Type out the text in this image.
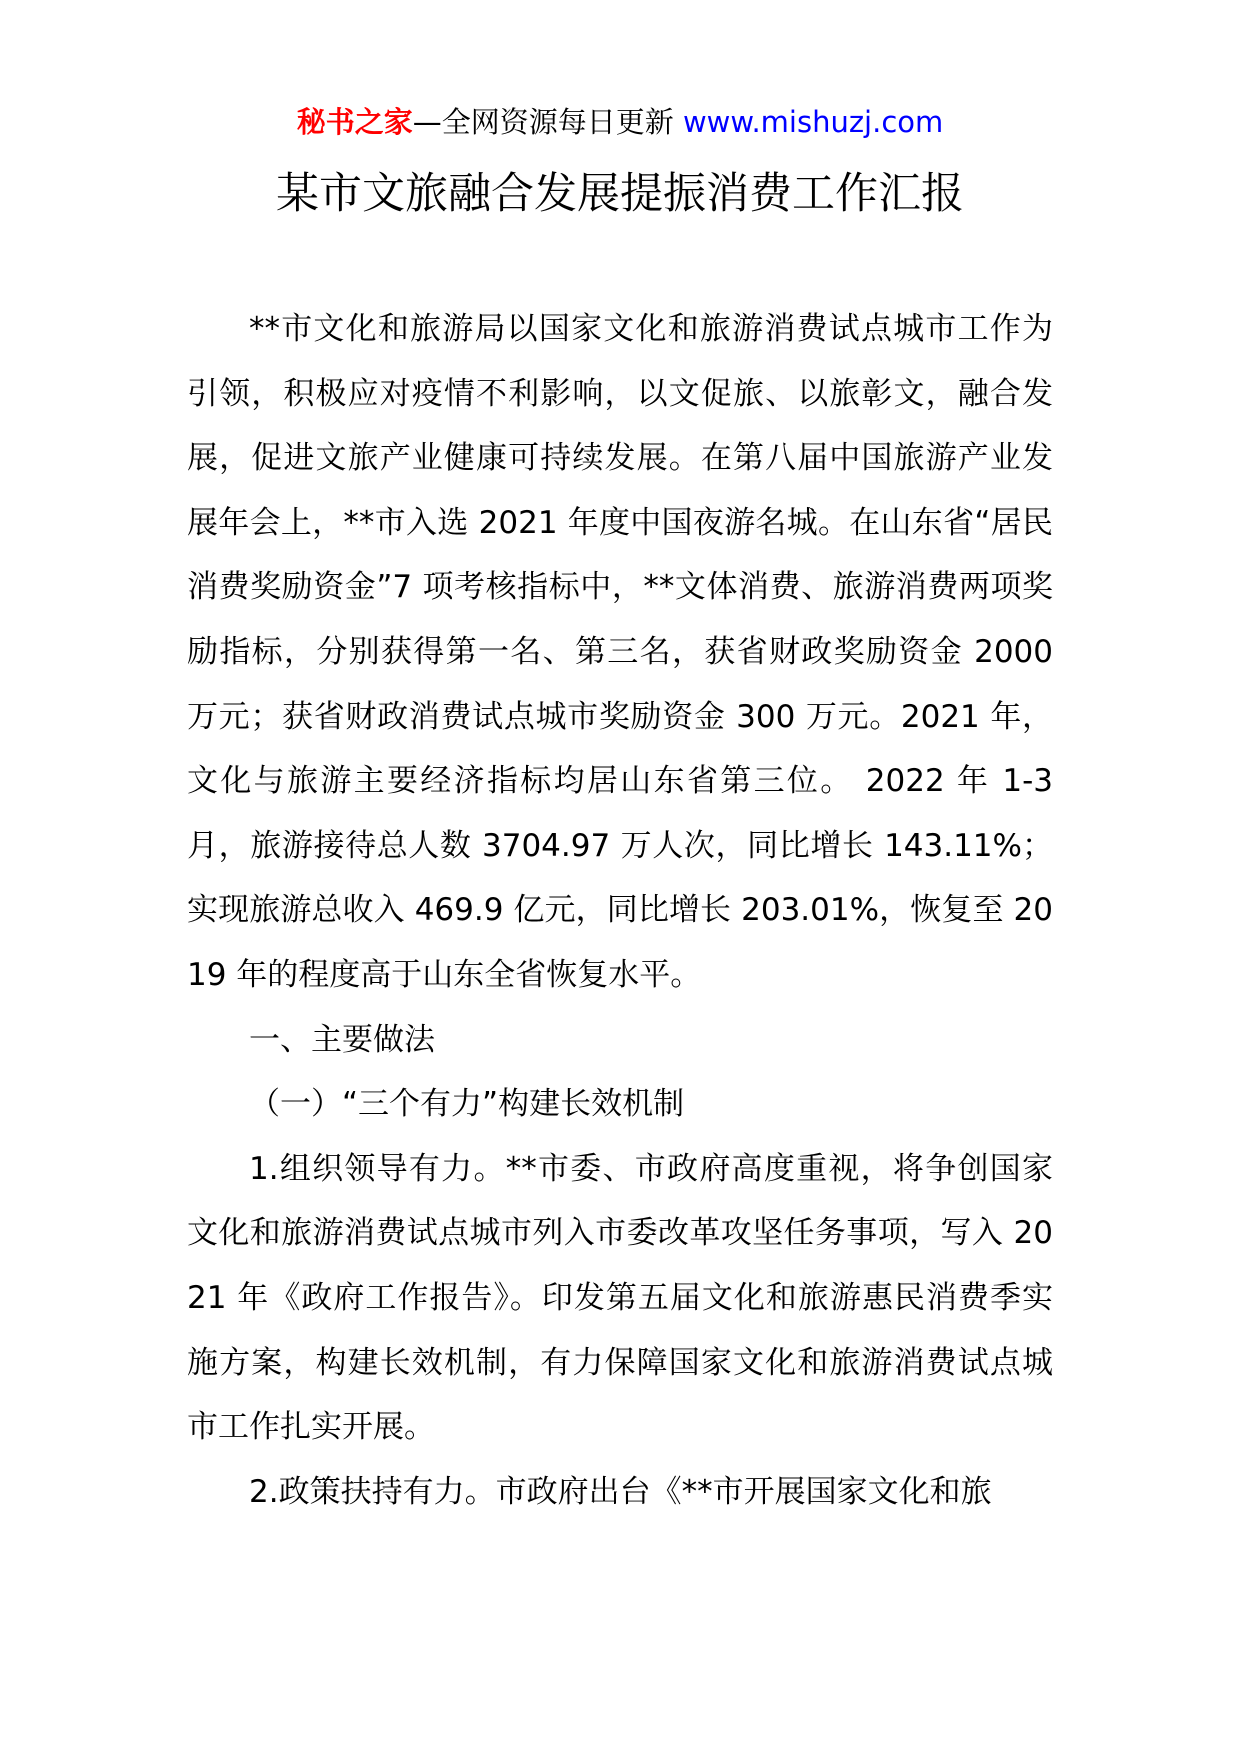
秘书之家—全网资源每日更新 www.mishuzj.com
某市文旅融合发展提振消费工作汇报

**市文化和旅游局以国家文化和旅游消费试点城市工作为引领，积极应对疫情不利影响，以文促旅、以旅彰文，融合发展，促进文旅产业健康可持续发展。在第八届中国旅游产业发展年会上，**市入选 2021 年度中国夜游名城。在山东省“居民消费奖励资金”7 项考核指标中，**文体消费、旅游消费两项奖励指标，分别获得第一名、第三名，获省财政奖励资金 2000 万元；获省财政消费试点城市奖励资金 300 万元。2021 年，文化与旅游主要经济指标均居山东省第三位。 2022 年 1-3 月，旅游接待总人数 3704.97 万人次，同比增长 143.11%；实现旅游总收入 469.9 亿元，同比增长 203.01%，恢复至 2019 年的程度高于山东全省恢复水平。

一、主要做法

（一）“三个有力”构建长效机制

1.组织领导有力。**市委、市政府高度重视，将争创国家文化和旅游消费试点城市列入市委改革攻坚任务事项，写入 2021 年《政府工作报告》。印发第五届文化和旅游惠民消费季实施方案，构建长效机制，有力保障国家文化和旅游消费试点城市工作扎实开展。

2.政策扶持有力。市政府出台《**市开展国家文化和旅
